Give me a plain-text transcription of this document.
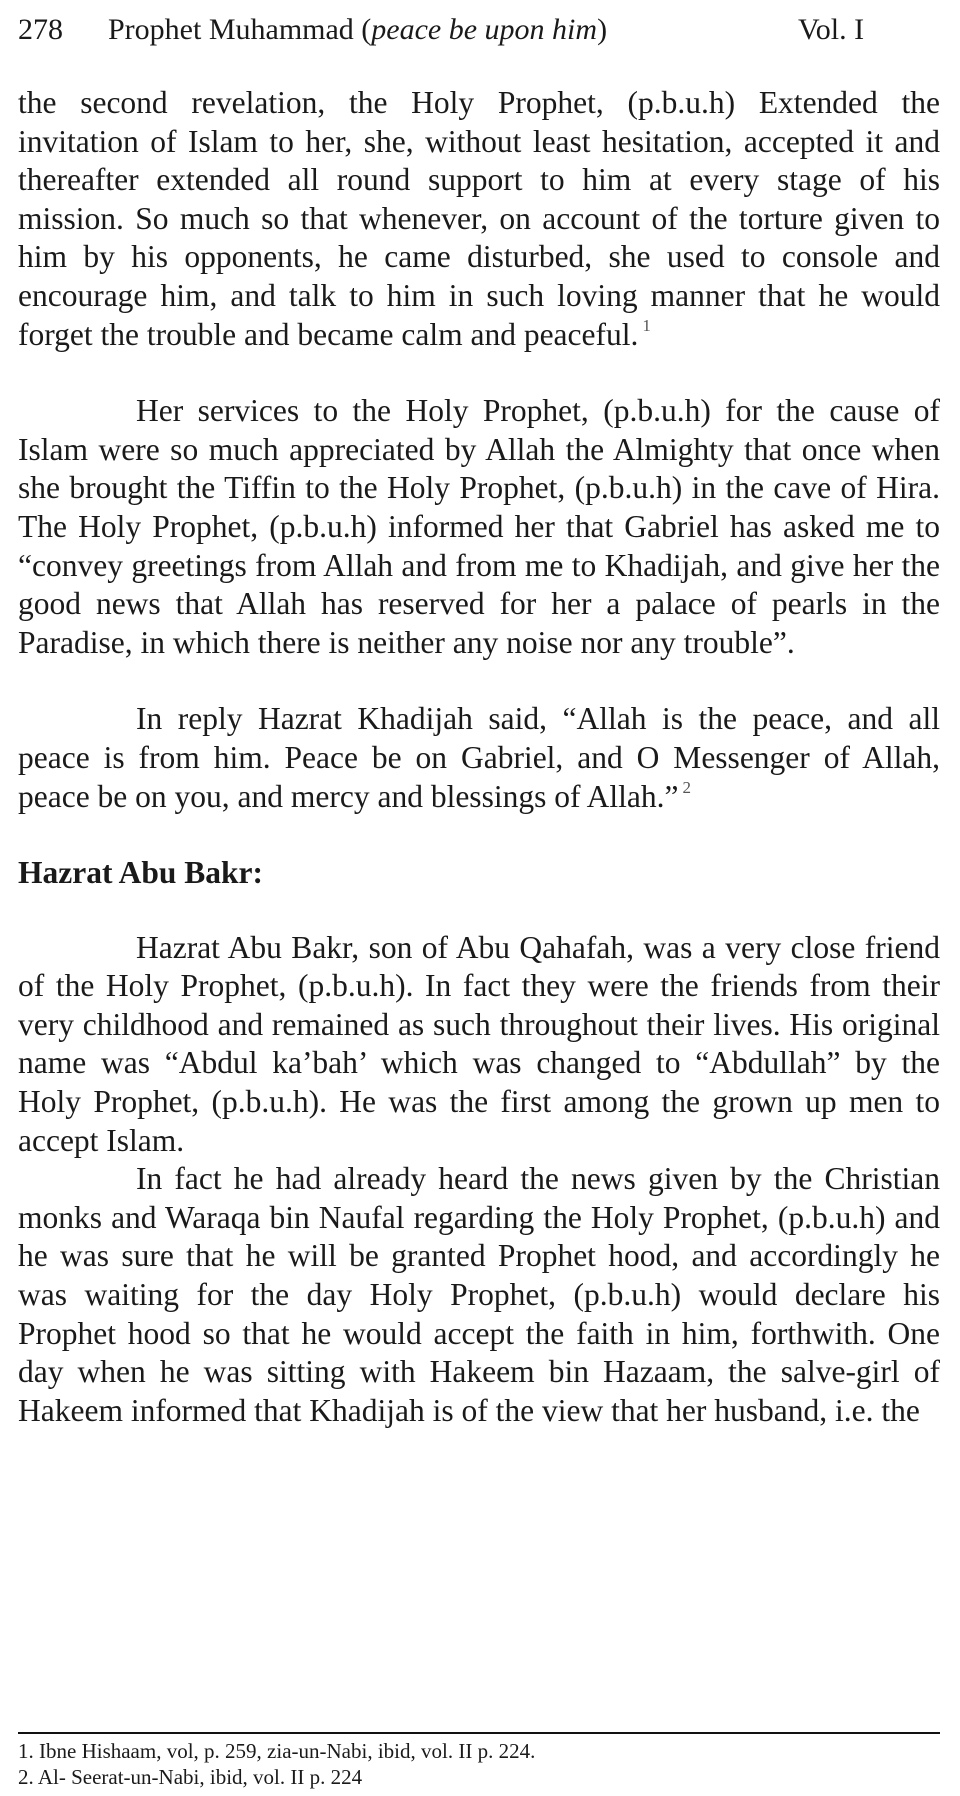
278 Prophet Muhammad (peace be upon him)	Vol. I

the second revelation, the Holy Prophet, (p.b.u.h) Extended the invitation of Islam to her, she, without least hesitation, accepted it and thereafter extended all round support to him at every stage of his mission. So much so that whenever, on account of the torture given to him by his opponents, he came disturbed, she used to console and encourage him, and talk to him in such loving manner that he would forget the trouble and became calm and peaceful. $^1$

Her services to the Holy Prophet, (p.b.u.h) for the cause of Islam were so much appreciated by Allah the Almighty that once when she brought the Tiffin to the Holy Prophet, (p.b.u.h) in the cave of Hira. The Holy Prophet, (p.b.u.h) informed her that Gabriel has asked me to “convey greetings from Allah and from me to Khadijah, and give her the good news that Allah has reserved for her a palace of pearls in the Paradise, in which there is neither any noise nor any trouble”.

In reply Hazrat Khadijah said, “Allah is the peace, and all peace is from him. Peace be on Gabriel, and O Messenger of Allah, peace be on you, and mercy and blessings of Allah.” $^2$

Hazrat Abu Bakr:

Hazrat Abu Bakr, son of Abu Qahafah, was a very close friend of the Holy Prophet, (p.b.u.h). In fact they were the friends from their very childhood and remained as such throughout their lives. His original name was “Abdul ka’bah’ which was changed to “Abdullah” by the Holy Prophet, (p.b.u.h). He was the first among the grown up men to accept Islam.

In fact he had already heard the news given by the Christian monks and Waraqa bin Naufal regarding the Holy Prophet, (p.b.u.h) and he was sure that he will be granted Prophet hood, and accordingly he was waiting for the day Holy Prophet, (p.b.u.h) would declare his Prophet hood so that he would accept the faith in him, forthwith. One day when he was sitting with Hakeem bin Hazaam, the salve-girl of Hakeem informed that Khadijah is of the view that her husband, i.e. the

1. Ibne Hishaam, vol, p. 259, zia-un-Nabi, ibid, vol. II p. 224.
2. Al- Seerat-un-Nabi, ibid, vol. II p. 224
